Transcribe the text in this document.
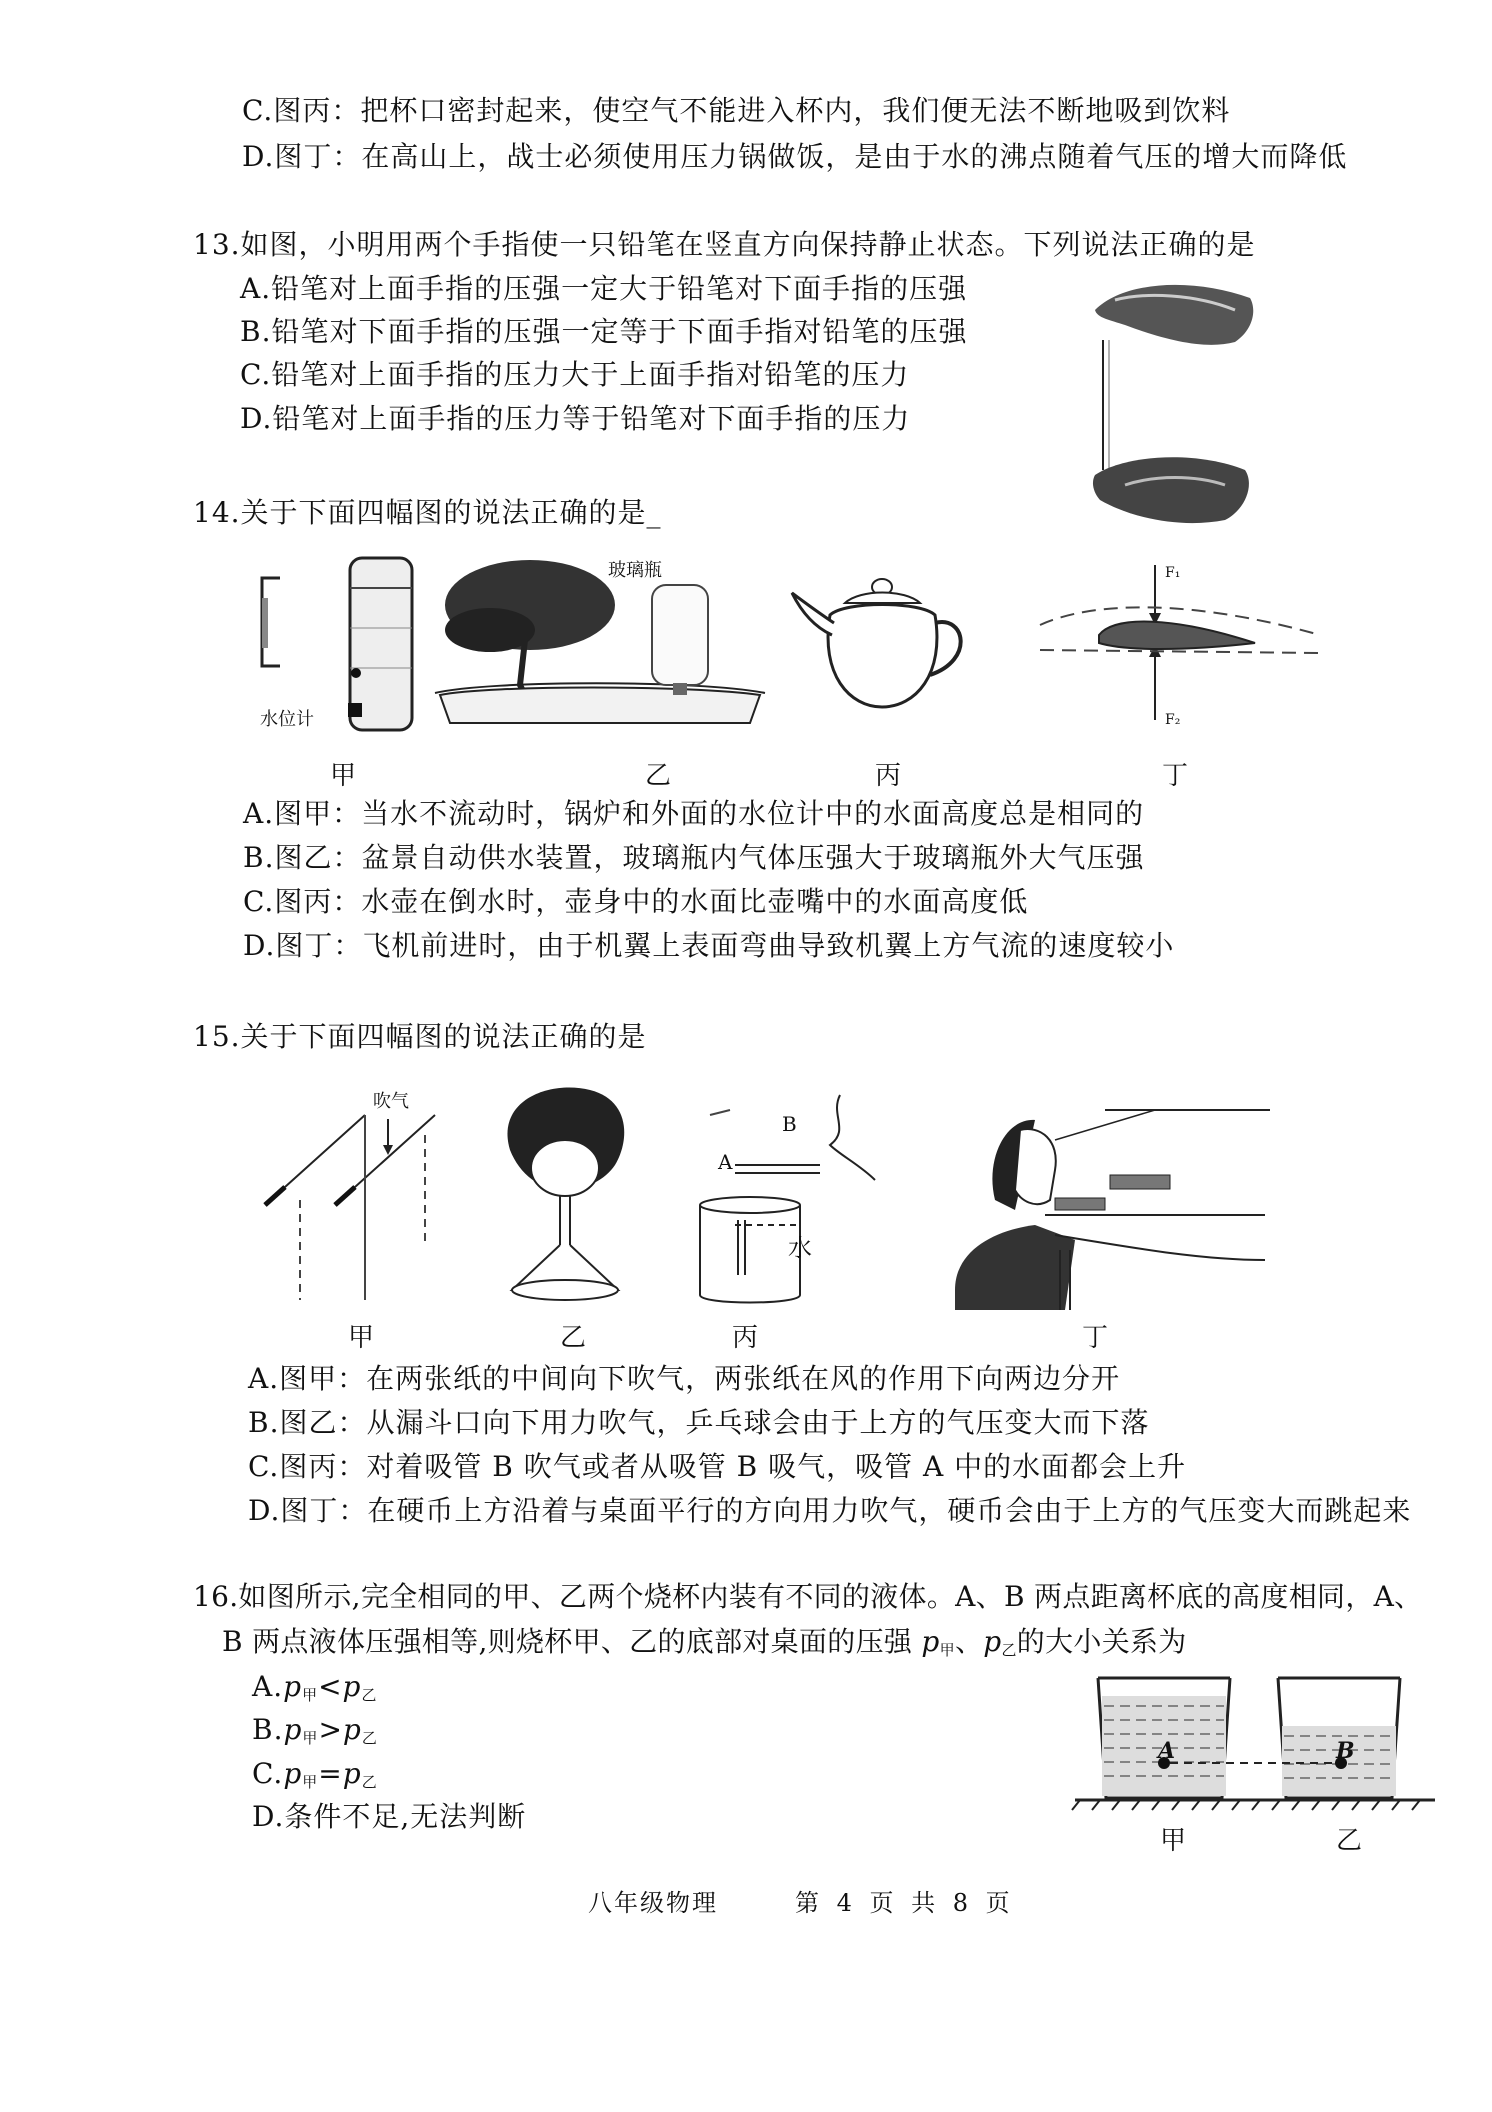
C.图丙：把杯口密封起来，使空气不能进入杯内，我们便无法不断地吸到饮料
D.图丁：在高山上，战士必须使用压力锅做饭，是由于水的沸点随着气压的增大而降低
13.如图，小明用两个手指使一只铅笔在竖直方向保持静止状态。下列说法正确的是
A.铅笔对上面手指的压强一定大于铅笔对下面手指的压强
B.铅笔对下面手指的压强一定等于下面手指对铅笔的压强
C.铅笔对上面手指的压力大于上面手指对铅笔的压力
D.铅笔对上面手指的压力等于铅笔对下面手指的压力
14.关于下面四幅图的说法正确的是_
水位计
玻璃瓶	F₁
F₂
甲	乙	丙	丁
A.图甲：当水不流动时，锅炉和外面的水位计中的水面高度总是相同的
B.图乙：盆景自动供水装置，玻璃瓶内气体压强大于玻璃瓶外大气压强
C.图丙：水壶在倒水时，壶身中的水面比壶嘴中的水面高度低
D.图丁：飞机前进时，由于机翼上表面弯曲导致机翼上方气流的速度较小
15.关于下面四幅图的说法正确的是
吹气
B
A
水
甲	乙	丙	丁
A.图甲：在两张纸的中间向下吹气，两张纸在风的作用下向两边分开
B.图乙：从漏斗口向下用力吹气，乒乓球会由于上方的气压变大而下落
C.图丙：对着吸管 B 吹气或者从吸管 B 吸气，吸管 A 中的水面都会上升
D.图丁：在硬币上方沿着与桌面平行的方向用力吹气，硬币会由于上方的气压变大而跳起来
16.如图所示,完全相同的甲、乙两个烧杯内装有不同的液体。A、B 两点距离杯底的高度相同，A、
B 两点液体压强相等,则烧杯甲、乙的底部对桌面的压强 $p_甲$、$p_乙$的大小关系为
$A.p_甲<p_乙$
$B.p_甲>p_乙$
$C.p_甲=p_乙$
D.条件不足,无法判断
A	B
甲	乙
八年级物理	第 4 页 共 8 页
